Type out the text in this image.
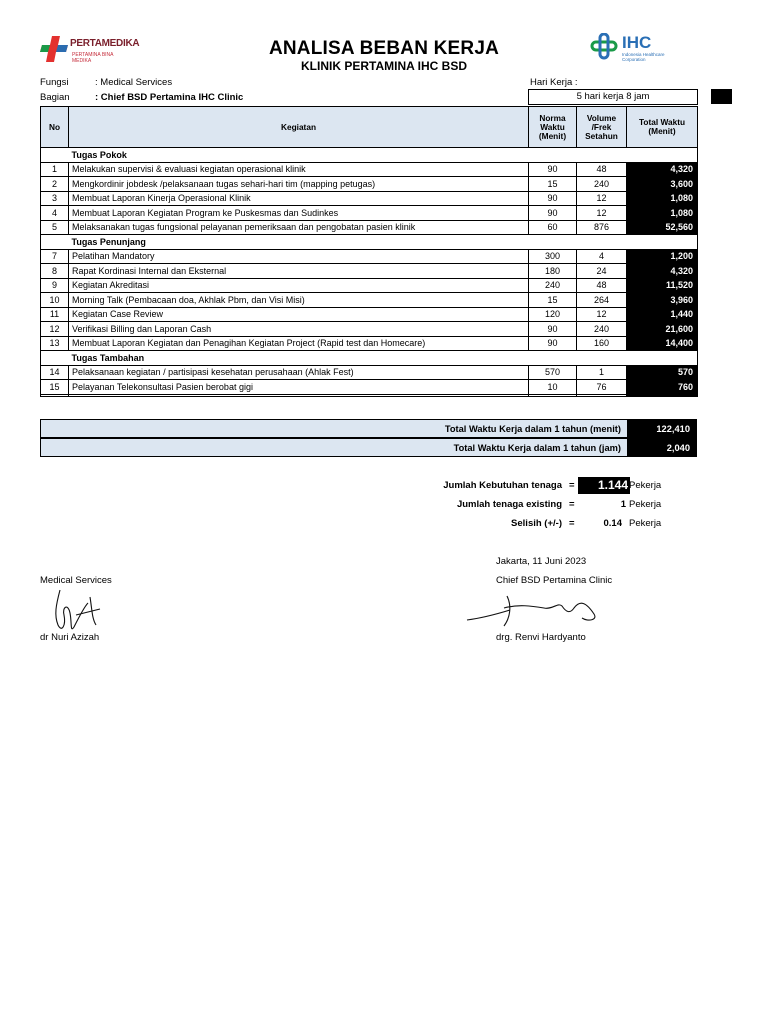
PERTAMEDIKA
PERTAMINA BINA MEDIKA
IHC
Indonesia Healthcare Corporation
ANALISA BEBAN KERJA
KLINIK PERTAMINA IHC BSD
Fungsi	: Medical Services
Bagian	: Chief BSD Pertamina IHC Clinic
Hari Kerja :
5 hari kerja 8 jam
No	Kegiatan	Norma Waktu (Menit)	Volume /Frek Setahun	Total Waktu (Menit)
	Tugas Pokok			
1	Melakukan supervisi & evaluasi kegiatan operasional klinik	90	48	4,320
2	Mengkordinir jobdesk /pelaksanaan tugas sehari-hari tim (mapping petugas)	15	240	3,600
3	Membuat Laporan Kinerja Operasional Klinik	90	12	1,080
4	Membuat Laporan Kegiatan Program ke Puskesmas dan Sudinkes	90	12	1,080
5	Melaksanakan tugas fungsional pelayanan pemeriksaan dan pengobatan pasien klinik	60	876	52,560
	Tugas Penunjang			
7	Pelatihan Mandatory	300	4	1,200
8	Rapat Kordinasi Internal dan Eksternal	180	24	4,320
9	Kegiatan Akreditasi	240	48	11,520
10	Morning Talk (Pembacaan doa, Akhlak Pbm, dan Visi Misi)	15	264	3,960
11	Kegiatan Case Review	120	12	1,440
12	Verifikasi Billing dan Laporan Cash	90	240	21,600
13	Membuat Laporan Kegiatan dan Penagihan Kegiatan Project (Rapid test dan Homecare)	90	160	14,400
	Tugas Tambahan			
14	Pelaksanaan kegiatan / partisipasi kesehatan perusahaan (Ahlak Fest)	570	1	570
15	Pelayanan Telekonsultasi Pasien berobat gigi	10	76	760

Total Waktu Kerja dalam 1 tahun (menit)	122,410
Total Waktu Kerja dalam 1 tahun (jam)	2,040
Jumlah Kebutuhan tenaga =	1.144 Pekerja
Jumlah tenaga existing =	1 Pekerja
Selisih (+/-) =	0.14 Pekerja
Jakarta, 11 Juni 2023
Medical Services	Chief BSD Pertamina Clinic
dr Nuri Azizah	drg. Renvi Hardyanto
